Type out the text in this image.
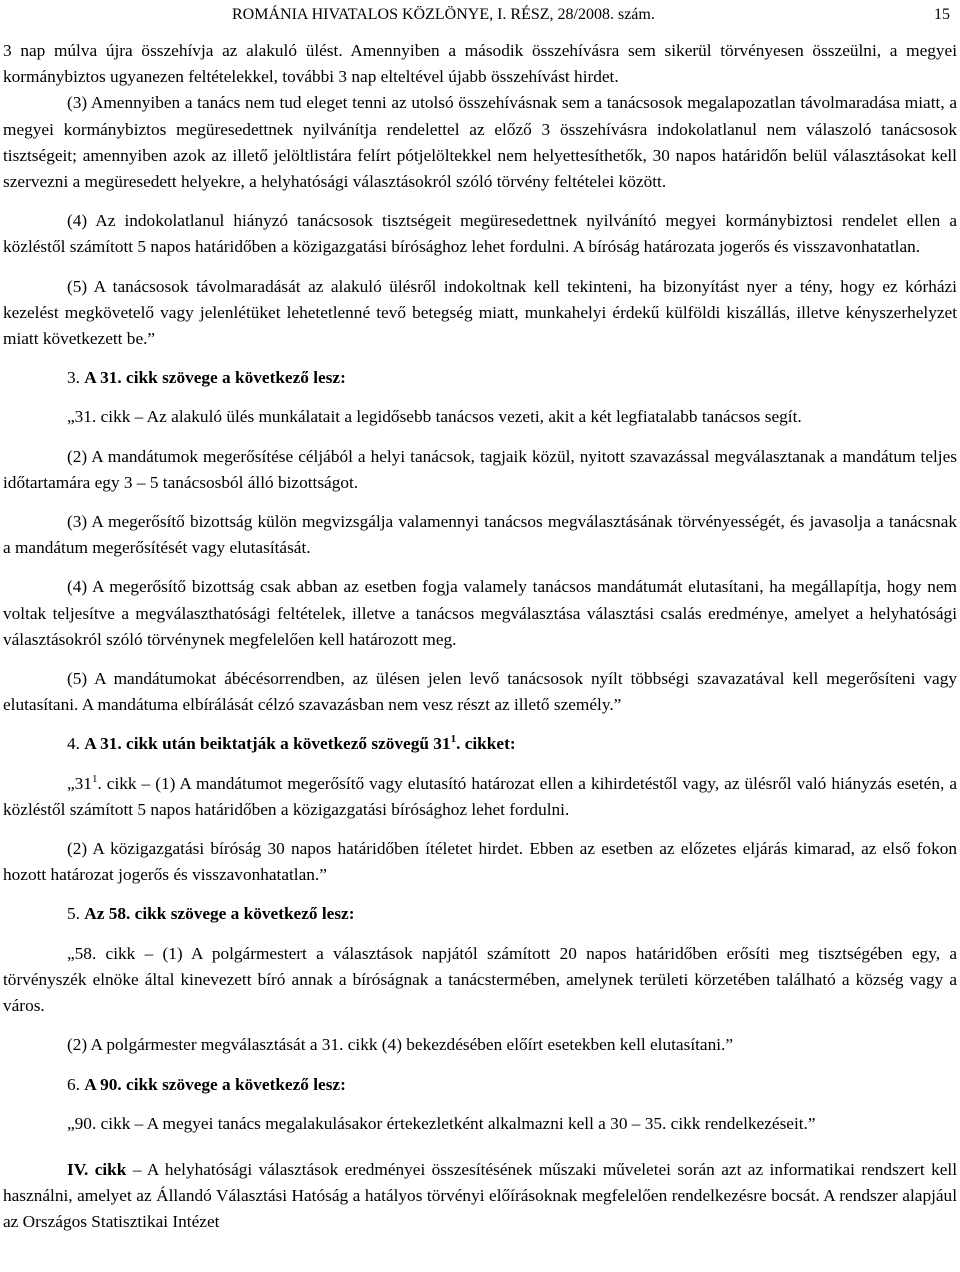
ROMÁNIA HIVATALOS KÖZLÖNYE, I. RÉSZ, 28/2008. szám.	15

3 nap múlva újra összehívja az alakuló ülést. Amennyiben a második összehívásra sem sikerül törvényesen összeülni, a megyei kormánybiztos ugyanezen feltételekkel, további 3 nap elteltével újabb összehívást hirdet.

(3) Amennyiben a tanács nem tud eleget tenni az utolsó összehívásnak sem a tanácsosok megalapozatlan távolmaradása miatt, a megyei kormánybiztos megüresedettnek nyilvánítja rendelettel az előző 3 összehívásra indokolatlanul nem válaszoló tanácsosok tisztségeit; amennyiben azok az illető jelöltlistára felírt pótjelöltekkel nem helyettesíthetők, 30 napos határidőn belül választásokat kell szervezni a megüresedett helyekre, a helyhatósági választásokról szóló törvény feltételei között.

(4) Az indokolatlanul hiányzó tanácsosok tisztségeit megüresedettnek nyilvánító megyei kormánybiztosi rendelet ellen a közléstől számított 5 napos határidőben a közigazgatási bírósághoz lehet fordulni. A bíróság határozata jogerős és visszavonhatatlan.

(5) A tanácsosok távolmaradását az alakuló ülésről indokoltnak kell tekinteni, ha bizonyítást nyer a tény, hogy ez kórházi kezelést megkövetelő vagy jelenlétüket lehetetlenné tevő betegség miatt, munkahelyi érdekű külföldi kiszállás, illetve kényszerhelyzet miatt következett be.”

3. A 31. cikk szövege a következő lesz:

„31. cikk ‒ Az alakuló ülés munkálatait a legidősebb tanácsos vezeti, akit a két legfiatalabb tanácsos segít.

(2) A mandátumok megerősítése céljából a helyi tanácsok, tagjaik közül, nyitott szavazással megválasztanak a mandátum teljes időtartamára egy 3 ‒ 5 tanácsosból álló bizottságot.

(3) A megerősítő bizottság külön megvizsgálja valamennyi tanácsos megválasztásának törvényességét, és javasolja a tanácsnak a mandátum megerősítését vagy elutasítását.

(4) A megerősítő bizottság csak abban az esetben fogja valamely tanácsos mandátumát elutasítani, ha megállapítja, hogy nem voltak teljesítve a megválaszthatósági feltételek, illetve a tanácsos megválasztása választási csalás eredménye, amelyet a helyhatósági választásokról szóló törvénynek megfelelően kell határozott meg.

(5) A mandátumokat ábécésorrendben, az ülésen jelen levő tanácsosok nyílt többségi szavazatával kell megerősíteni vagy elutasítani. A mandátuma elbírálását célzó szavazásban nem vesz részt az illető személy.”

4. A 31. cikk után beiktatják a következő szövegű $31^1$. cikket:

$„31^1$. cikk ‒ (1) A mandátumot megerősítő vagy elutasító határozat ellen a kihirdetéstől vagy, az ülésről való hiányzás esetén, a közléstől számított 5 napos határidőben a közigazgatási bírósághoz lehet fordulni.

(2) A közigazgatási bíróság 30 napos határidőben ítéletet hirdet. Ebben az esetben az előzetes eljárás kimarad, az első fokon hozott határozat jogerős és visszavonhatatlan.”

5. Az 58. cikk szövege a következő lesz:

„58. cikk ‒ (1) A polgármestert a választások napjától számított 20 napos határidőben erősíti meg tisztségében egy, a törvényszék elnöke által kinevezett bíró annak a bíróságnak a tanácstermében, amelynek területi körzetében található a község vagy a város.

(2) A polgármester megválasztását a 31. cikk (4) bekezdésében előírt esetekben kell elutasítani.”

6. A 90. cikk szövege a következő lesz:

„90. cikk ‒ A megyei tanács megalakulásakor értekezletként alkalmazni kell a 30 ‒ 35. cikk rendelkezéseit.”

IV. cikk ‒ A helyhatósági választások eredményei összesítésének műszaki műveletei során azt az informatikai rendszert kell használni, amelyet az Állandó Választási Hatóság a hatályos törvényi előírásoknak megfelelően rendelkezésre bocsát. A rendszer alapjául az Országos Statisztikai Intézet
